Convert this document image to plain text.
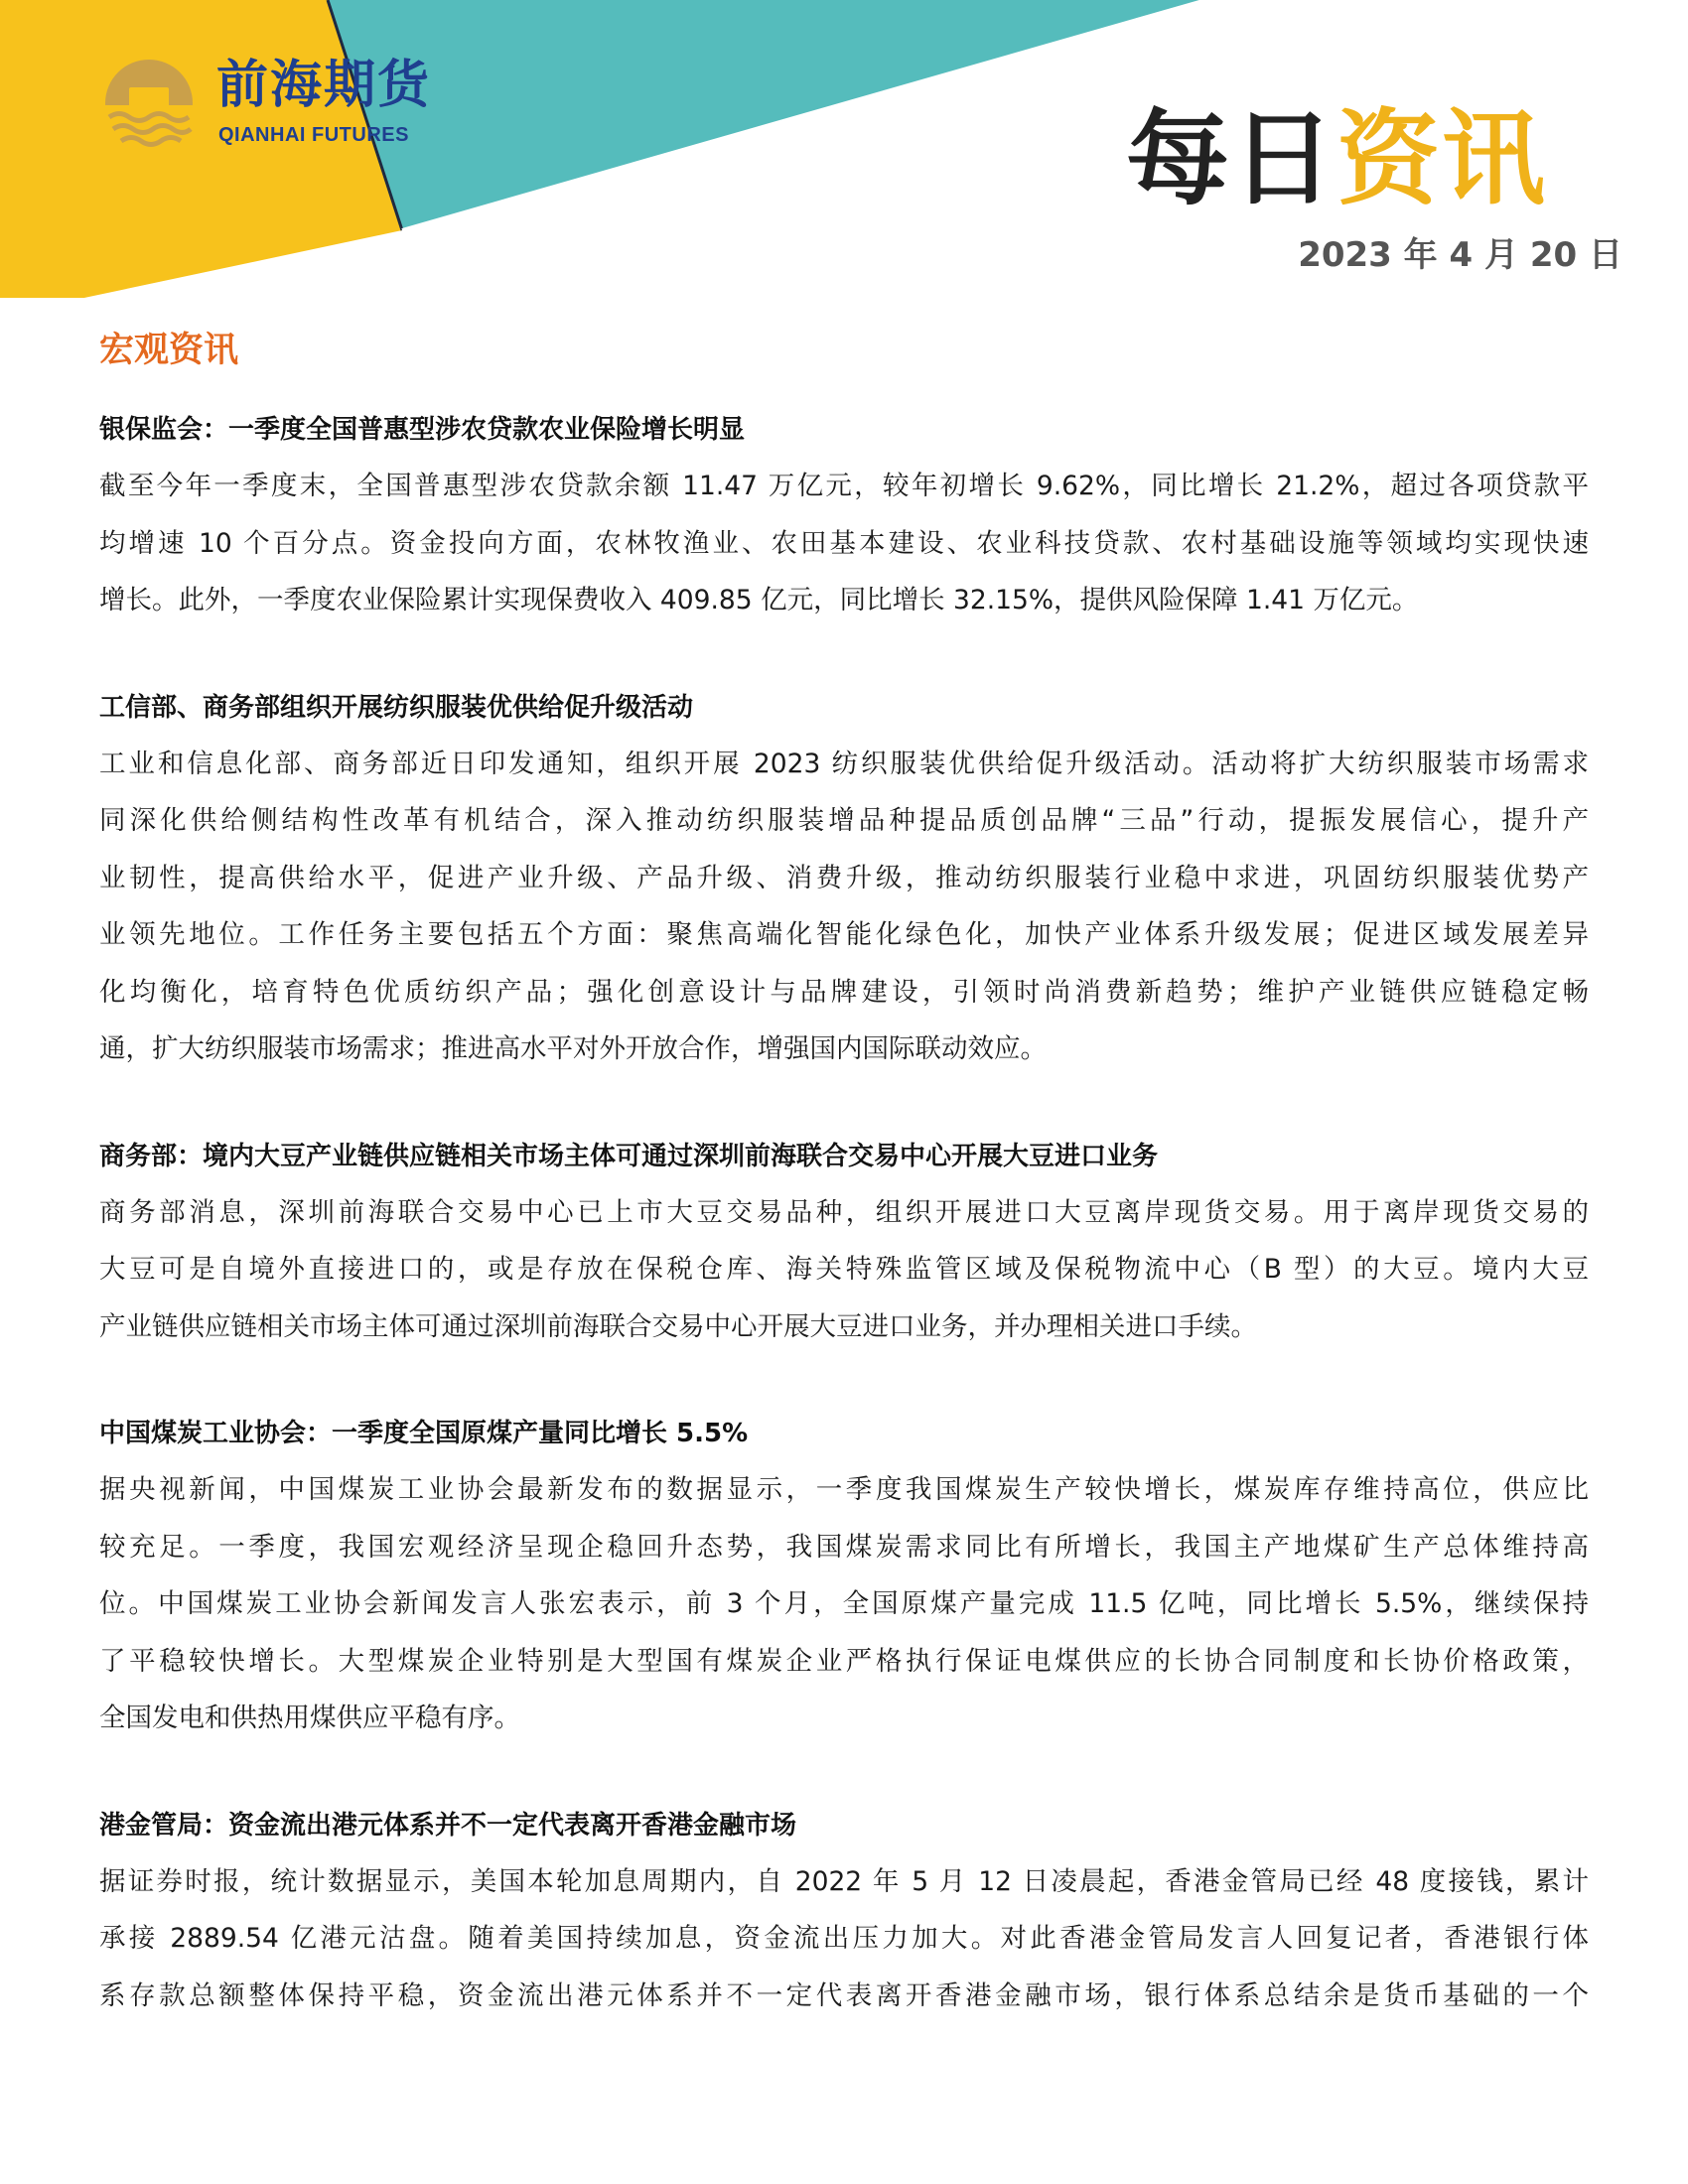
前海期货
QIANHAI FUTURES	每日资讯
2023 年 4 月 20 日
宏观资讯
银保监会：一季度全国普惠型涉农贷款农业保险增长明显
截至今年一季度末，全国普惠型涉农贷款余额 11.47 万亿元，较年初增长 9.62%，同比增长 21.2%，超过各项贷款平
均增速 10 个百分点。资金投向方面，农林牧渔业、农田基本建设、农业科技贷款、农村基础设施等领域均实现快速
增长。此外，一季度农业保险累计实现保费收入 409.85 亿元，同比增长 32.15%，提供风险保障 1.41 万亿元。
工信部、商务部组织开展纺织服装优供给促升级活动
工业和信息化部、商务部近日印发通知，组织开展 2023 纺织服装优供给促升级活动。活动将扩大纺织服装市场需求
同深化供给侧结构性改革有机结合，深入推动纺织服装增品种提品质创品牌“三品”行动，提振发展信心，提升产
业韧性，提高供给水平，促进产业升级、产品升级、消费升级，推动纺织服装行业稳中求进，巩固纺织服装优势产
业领先地位。工作任务主要包括五个方面：聚焦高端化智能化绿色化，加快产业体系升级发展；促进区域发展差异
化均衡化，培育特色优质纺织产品；强化创意设计与品牌建设，引领时尚消费新趋势；维护产业链供应链稳定畅
通，扩大纺织服装市场需求；推进高水平对外开放合作，增强国内国际联动效应。
商务部：境内大豆产业链供应链相关市场主体可通过深圳前海联合交易中心开展大豆进口业务
商务部消息，深圳前海联合交易中心已上市大豆交易品种，组织开展进口大豆离岸现货交易。用于离岸现货交易的
大豆可是自境外直接进口的，或是存放在保税仓库、海关特殊监管区域及保税物流中心（B 型）的大豆。境内大豆
产业链供应链相关市场主体可通过深圳前海联合交易中心开展大豆进口业务，并办理相关进口手续。
中国煤炭工业协会：一季度全国原煤产量同比增长 5.5%
据央视新闻，中国煤炭工业协会最新发布的数据显示，一季度我国煤炭生产较快增长，煤炭库存维持高位，供应比
较充足。一季度，我国宏观经济呈现企稳回升态势，我国煤炭需求同比有所增长，我国主产地煤矿生产总体维持高
位。中国煤炭工业协会新闻发言人张宏表示，前 3 个月，全国原煤产量完成 11.5 亿吨，同比增长 5.5%，继续保持
了平稳较快增长。大型煤炭企业特别是大型国有煤炭企业严格执行保证电煤供应的长协合同制度和长协价格政策，
全国发电和供热用煤供应平稳有序。
港金管局：资金流出港元体系并不一定代表离开香港金融市场
据证券时报，统计数据显示，美国本轮加息周期内，自 2022 年 5 月 12 日凌晨起，香港金管局已经 48 度接钱，累计
承接 2889.54 亿港元沽盘。随着美国持续加息，资金流出压力加大。对此香港金管局发言人回复记者，香港银行体
系存款总额整体保持平稳，资金流出港元体系并不一定代表离开香港金融市场，银行体系总结余是货币基础的一个
